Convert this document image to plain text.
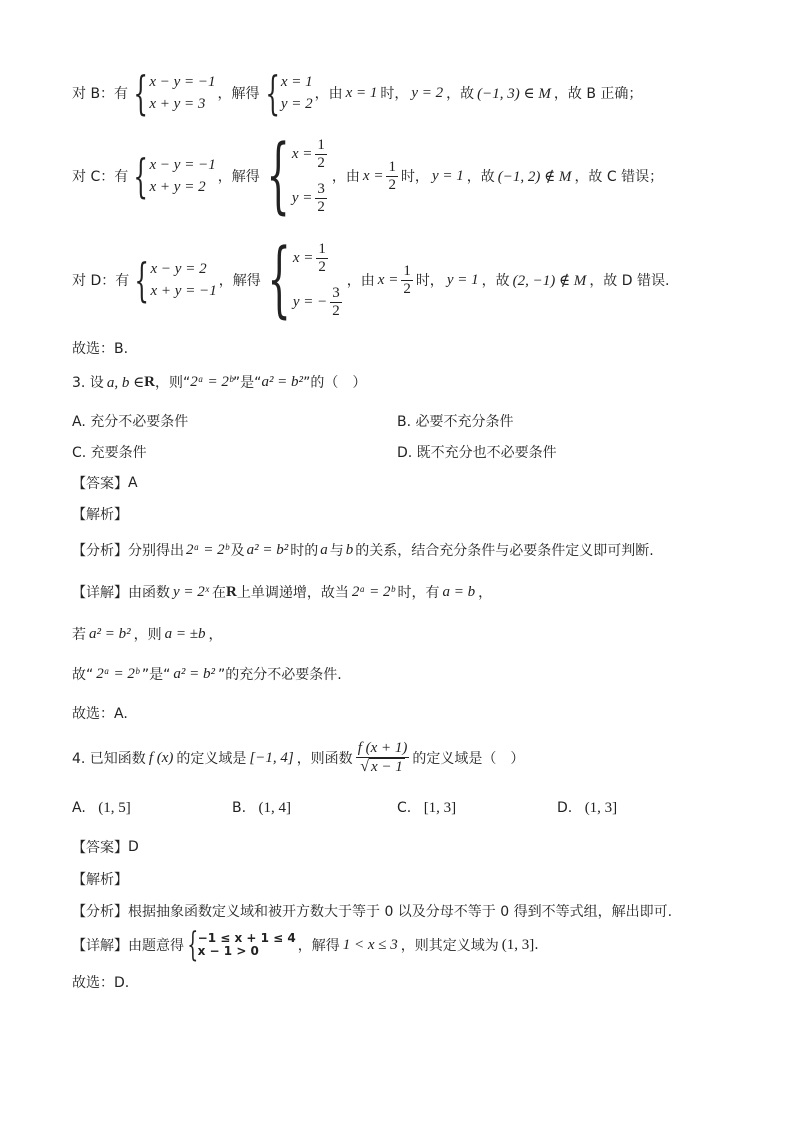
对 B：有 { x − y = −1
x + y = 3
，解得 { x = 1
y = 2
，由 x = 1 时， y = 2 ，故 (−1, 3) ∈ M ，故 B 正确；
对 C：有 { x − y = −1
x + y = 2
，解得 { $x = \frac{1}{2}$
$y = \frac{3}{2}$
，由 $x = \frac{1}{2}$ 时， y = 1 ，故 (−1, 2) ∉ M ，故 C 错误；
对 D：有 { x − y = 2
x + y = −1
，解得 { $x = \frac{1}{2}$
y = − $\frac{3}{2}$
，由 $x = \frac{1}{2}$ 时， y = 1 ，故 (2, −1) ∉ M ，故 D 错误.
故选：B.
3. 设 a, b ∈ R ，则“ 2ᵃ = 2ᵇ ”是“ a² = b² ”的（　）
A. 充分不必要条件	B. 必要不充分条件
C. 充要条件	D. 既不充分也不必要条件
【答案】 A
【解析】
【分析】 分别得出 2ᵃ = 2ᵇ 及 a² = b² 时的 a 与 b 的关系，结合充分条件与必要条件定义即可判断.
【详解】 由函数 y = 2ˣ 在 R 上单调递增，故当 2ᵃ = 2ᵇ 时，有 a = b ，
若 a² = b² ，则 a = ±b ，
故“ 2ᵃ = 2ᵇ ”是“ a² = b² ”的充分不必要条件.
故选：A.
4. 已知函数 f (x) 的定义域是 [−1, 4] ，则函数 $\frac{f (x + 1)}{√ x - 1}$ 的定义域是（　）
A. (1, 5]	B. (1, 4]	C. [1, 3]	D. (1, 3]
【答案】 D
【解析】
【分析】 根据抽象函数定义域和被开方数大于等于 0 以及分母不等于 0 得到不等式组，解出即可.
【详解】 由题意得 { −1 ≤ x + 1 ≤ 4
x − 1 > 0	，解得 1 < x ≤ 3 ，则其定义域为 (1, 3] .
故选：D.
